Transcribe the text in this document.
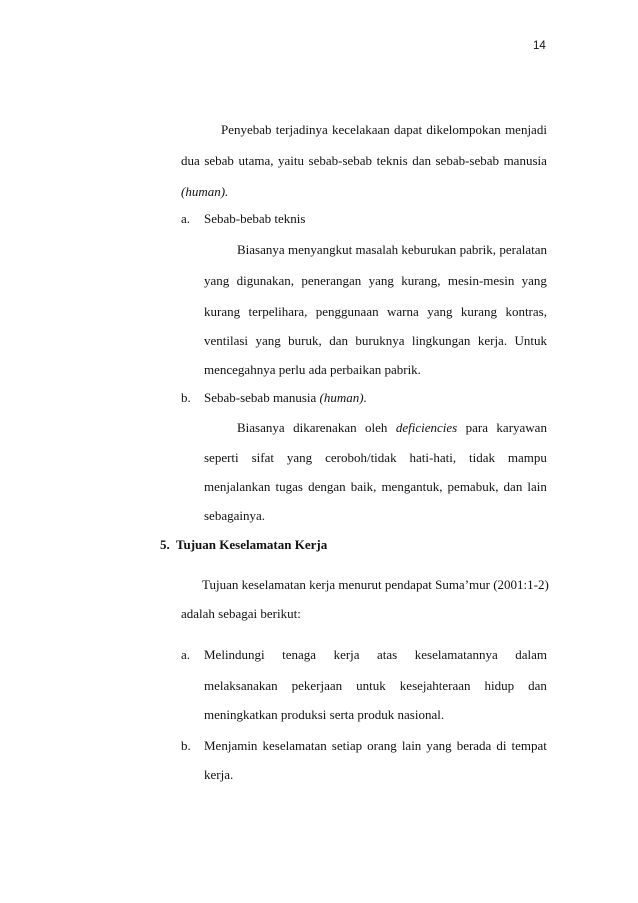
14
Penyebab terjadinya kecelakaan dapat dikelompokan menjadi
dua sebab utama, yaitu sebab-sebab teknis dan sebab-sebab manusia
(human).
a. Sebab-bebab teknis
Biasanya menyangkut masalah keburukan pabrik, peralatan
yang digunakan, penerangan yang kurang, mesin-mesin yang
kurang terpelihara, penggunaan warna yang kurang kontras,
ventilasi yang buruk, dan buruknya lingkungan kerja. Untuk
mencegahnya perlu ada perbaikan pabrik.
b. Sebab-sebab manusia (human).
Biasanya dikarenakan oleh deficiencies para karyawan
seperti sifat yang ceroboh/tidak hati-hati, tidak mampu
menjalankan tugas dengan baik, mengantuk, pemabuk, dan lain
sebagainya.
5.  Tujuan Keselamatan Kerja
Tujuan keselamatan kerja menurut pendapat Suma’mur (2001:1-2)
adalah sebagai berikut:
a. Melindungi tenaga kerja atas keselamatannya dalam
melaksanakan pekerjaan untuk kesejahteraan hidup dan
meningkatkan produksi serta produk nasional.
b. Menjamin keselamatan setiap orang lain yang berada di tempat
kerja.
